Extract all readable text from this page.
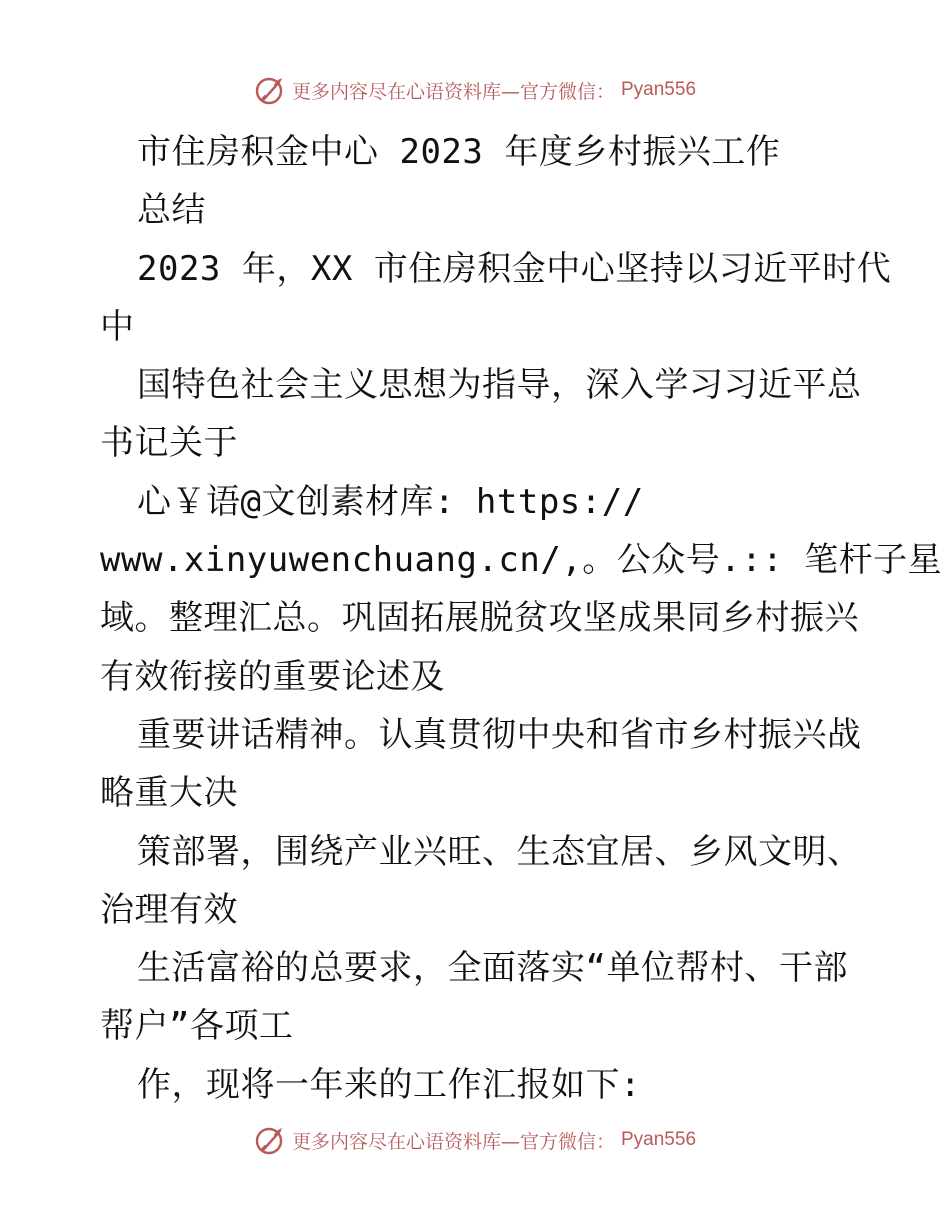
更多内容尽在心语资料库—官方微信： Pyan556
市住房积金中心 2023 年度乡村振兴工作
总结
2023 年，XX 市住房积金中心坚持以习近平时代
中
国特色社会主义思想为指导，深入学习习近平总
书记关于
心￥语@文创素材库: https://
www.xinyuwenchuang.cn/,。公众号.:: 笔杆子星
域。整理汇总。巩固拓展脱贫攻坚成果同乡村振兴
有效衔接的重要论述及
重要讲话精神。认真贯彻中央和省市乡村振兴战
略重大决
策部署，围绕产业兴旺、生态宜居、乡风文明、
治理有效
生活富裕的总要求，全面落实“单位帮村、干部
帮户”各项工
作，现将一年来的工作汇报如下:
更多内容尽在心语资料库—官方微信： Pyan556
